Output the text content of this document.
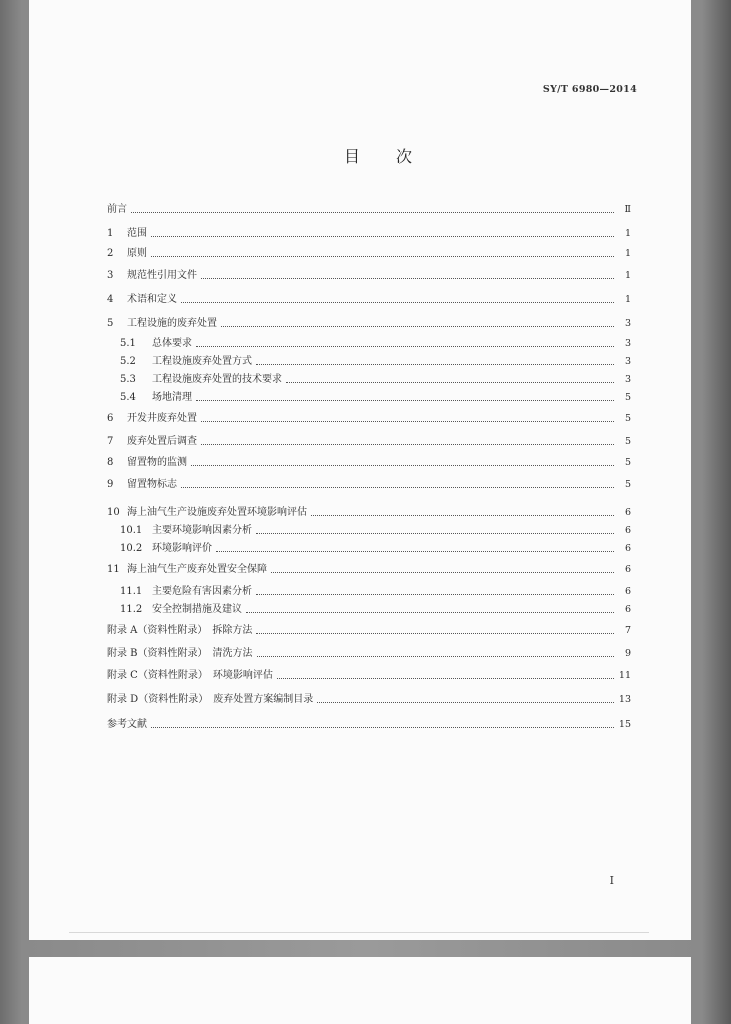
SY/T 6980—2014
目次
前言	Ⅱ
1	范围	1
2	原则	1
3	规范性引用文件	1
4	术语和定义	1
5	工程设施的废弃处置	3
5.1	总体要求	3
5.2	工程设施废弃处置方式	3
5.3	工程设施废弃处置的技术要求	3
5.4	场地清理	5
6	开发井废弃处置	5
7	废弃处置后调查	5
8	留置物的监测	5
9	留置物标志	5
10 海上油气生产设施废弃处置环境影响评估	6
10.1 主要环境影响因素分析	6
10.2 环境影响评价	6
11 海上油气生产废弃处置安全保障	6
11.1 主要危险有害因素分析	6
11.2 安全控制措施及建议	6
附录 A（资料性附录）　拆除方法	7
附录 B（资料性附录）　清洗方法	9
附录 C（资料性附录）　环境影响评估	11
附录 D（资料性附录）　废弃处置方案编制目录	13
参考文献	15
I
